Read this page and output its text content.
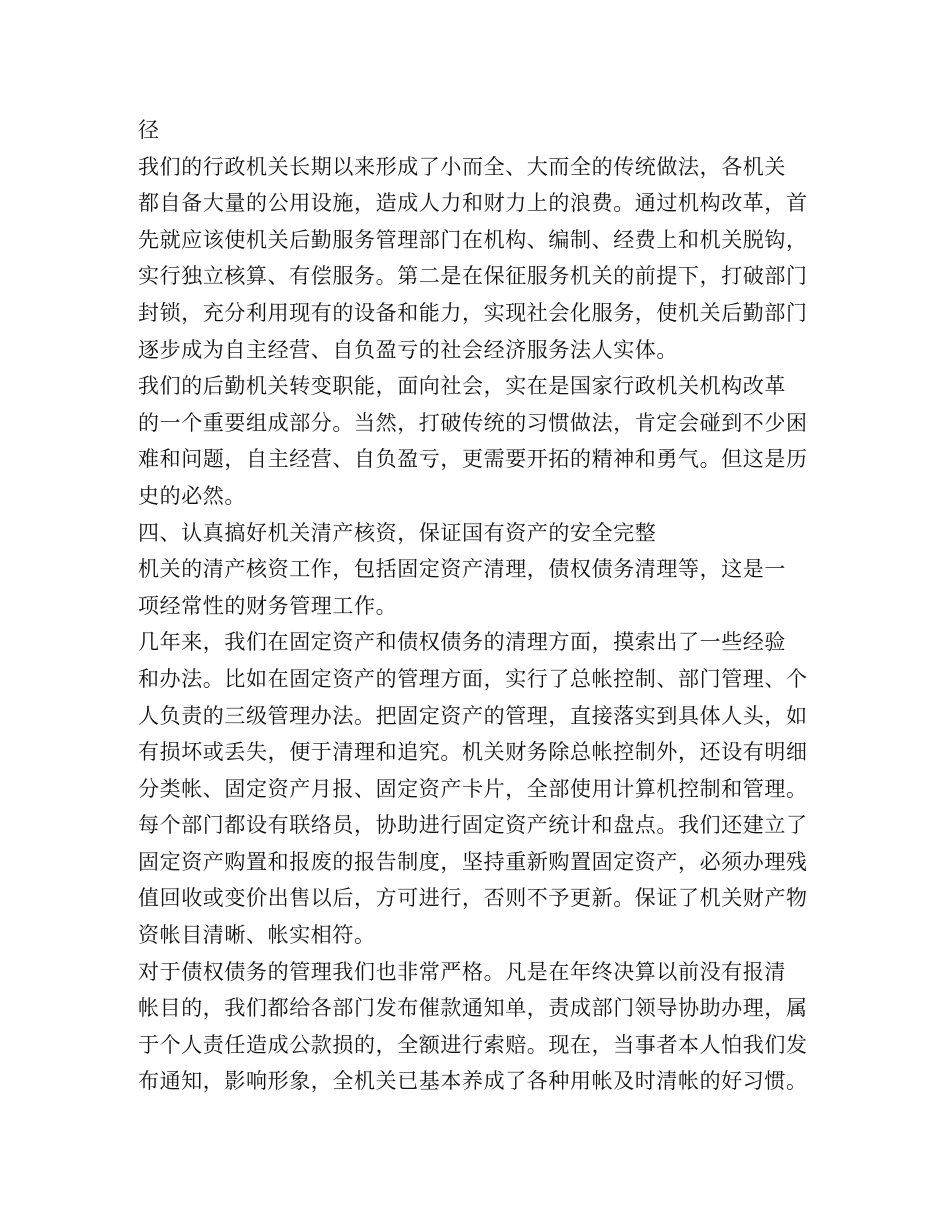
径
我们的行政机关长期以来形成了小而全、大而全的传统做法，各机关
都自备大量的公用设施，造成人力和财力上的浪费。通过机构改革，首
先就应该使机关后勤服务管理部门在机构、编制、经费上和机关脱钩，
实行独立核算、有偿服务。第二是在保征服务机关的前提下，打破部门
封锁，充分利用现有的设备和能力，实现社会化服务，使机关后勤部门
逐步成为自主经营、自负盈亏的社会经济服务法人实体。
我们的后勤机关转变职能，面向社会，实在是国家行政机关机构改革
的一个重要组成部分。当然，打破传统的习惯做法，肯定会碰到不少困
难和问题，自主经营、自负盈亏，更需要开拓的精神和勇气。但这是历
史的必然。
四、认真搞好机关清产核资，保证国有资产的安全完整
机关的清产核资工作，包括固定资产清理，债权债务清理等，这是一
项经常性的财务管理工作。
几年来，我们在固定资产和债权债务的清理方面，摸索出了一些经验
和办法。比如在固定资产的管理方面，实行了总帐控制、部门管理、个
人负责的三级管理办法。把固定资产的管理，直接落实到具体人头，如
有损坏或丢失，便于清理和追究。机关财务除总帐控制外，还设有明细
分类帐、固定资产月报、固定资产卡片，全部使用计算机控制和管理。
每个部门都设有联络员，协助进行固定资产统计和盘点。我们还建立了
固定资产购置和报废的报告制度，坚持重新购置固定资产，必须办理残
值回收或变价出售以后，方可进行，否则不予更新。保证了机关财产物
资帐目清晰、帐实相符。
对于债权债务的管理我们也非常严格。凡是在年终决算以前没有报清
帐目的，我们都给各部门发布催款通知单，责成部门领导协助办理，属
于个人责任造成公款损的，全额进行索赔。现在，当事者本人怕我们发
布通知，影响形象，全机关已基本养成了各种用帐及时清帐的好习惯。
